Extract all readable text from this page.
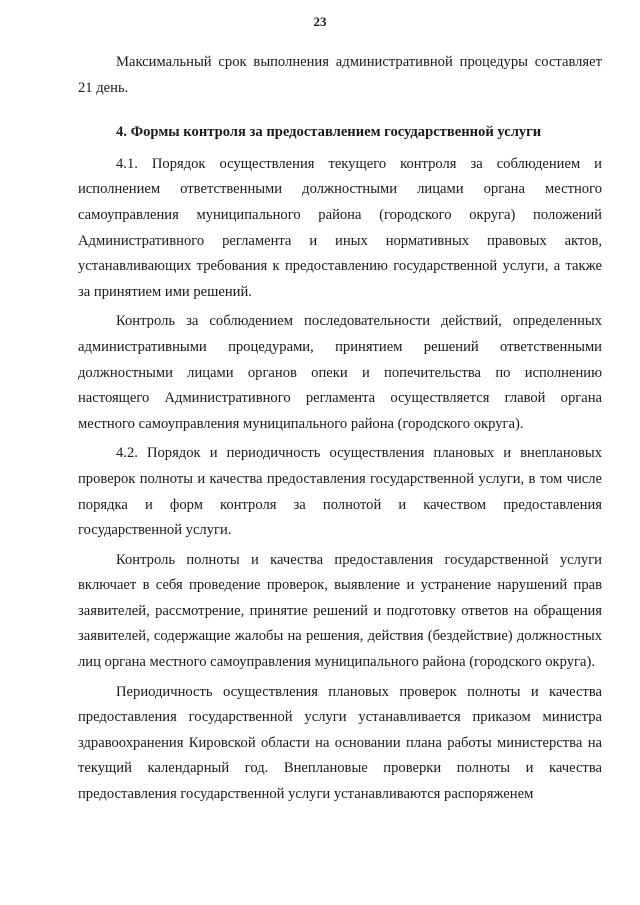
23

Максимальный срок выполнения административной процедуры составляет 21 день.

4. Формы контроля за предоставлением государственной услуги

4.1. Порядок осуществления текущего контроля за соблюдением и исполнением ответственными должностными лицами органа местного самоуправления муниципального района (городского округа) положений Административного регламента и иных нормативных правовых актов, устанавливающих требования к предоставлению государственной услуги, а также за принятием ими решений.

Контроль за соблюдением последовательности действий, определенных административными процедурами, принятием решений ответственными должностными лицами органов опеки и попечительства по исполнению настоящего Административного регламента осуществляется главой органа местного самоуправления муниципального района (городского округа).

4.2. Порядок и периодичность осуществления плановых и внеплановых проверок полноты и качества предоставления государственной услуги, в том числе порядка и форм контроля за полнотой и качеством предоставления государственной услуги.

Контроль полноты и качества предоставления государственной услуги включает в себя проведение проверок, выявление и устранение нарушений прав заявителей, рассмотрение, принятие решений и подготовку ответов на обращения заявителей, содержащие жалобы на решения, действия (бездействие) должностных лиц органа местного самоуправления муниципального района (городского округа).

Периодичность осуществления плановых проверок полноты и качества предоставления государственной услуги устанавливается приказом министра здравоохранения Кировской области на основании плана работы министерства на текущий календарный год. Внеплановые проверки полноты и качества предоставления государственной услуги устанавливаются распоряженем
